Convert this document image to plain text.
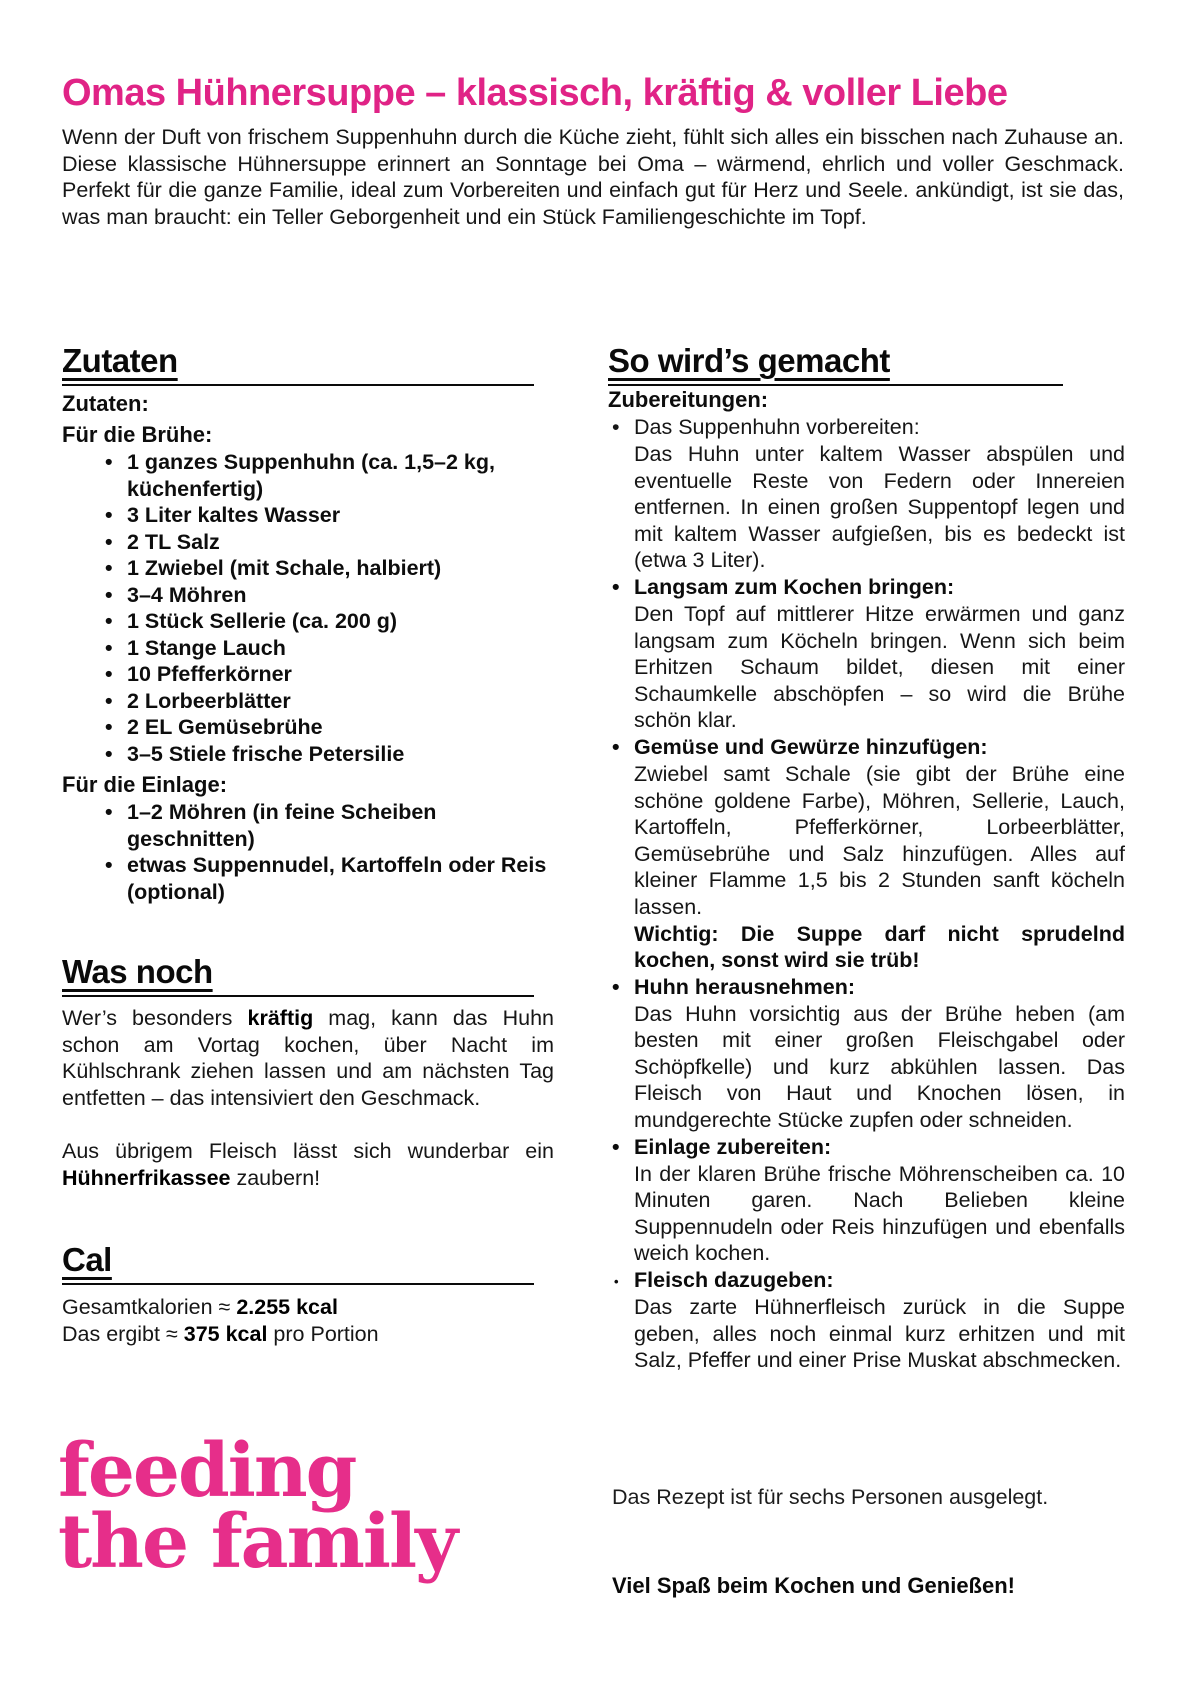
Omas Hühnersuppe – klassisch, kräftig & voller Liebe

Wenn der Duft von frischem Suppenhuhn durch die Küche zieht, fühlt sich alles ein bisschen nach Zuhause an. Diese klassische Hühnersuppe erinnert an Sonntage bei Oma – wärmend, ehrlich und voller Geschmack. Perfekt für die ganze Familie, ideal zum Vorbereiten und einfach gut für Herz und Seele. ankündigt, ist sie das, was man braucht: ein Teller Geborgenheit und ein Stück Familiengeschichte im Topf.

Zutaten

Zutaten:

Für die Brühe:

• 1 ganzes Suppenhuhn (ca. 1,5–2 kg, küchenfertig)
• 3 Liter kaltes Wasser
• 2 TL Salz
• 1 Zwiebel (mit Schale, halbiert)
• 3–4 Möhren
• 1 Stück Sellerie (ca. 200 g)
• 1 Stange Lauch
• 10 Pfefferkörner
• 2 Lorbeerblätter
• 2 EL Gemüsebrühe
• 3–5 Stiele frische Petersilie

Für die Einlage:

• 1–2 Möhren (in feine Scheiben geschnitten)
• etwas Suppennudel, Kartoffeln oder Reis (optional)
Was noch

Wer’s besonders kräftig mag, kann das Huhn schon am Vortag kochen, über Nacht im Kühlschrank ziehen lassen und am nächsten Tag entfetten – das intensiviert den Geschmack.

Aus übrigem Fleisch lässt sich wunderbar ein Hühnerfrikassee zaubern!

Cal

Gesamtkalorien ≈ 2.255 kcal

Das ergibt ≈ 375 kcal pro Portion

feeding
the family
So wird’s gemacht

Zubereitungen:

• Das Suppenhuhn vorbereiten:

Das Huhn unter kaltem Wasser abspülen und eventuelle Reste von Federn oder Innereien entfernen. In einen großen Suppentopf legen und mit kaltem Wasser aufgießen, bis es bedeckt ist (etwa 3 Liter).

• Langsam zum Kochen bringen:

Den Topf auf mittlerer Hitze erwärmen und ganz langsam zum Köcheln bringen. Wenn sich beim Erhitzen Schaum bildet, diesen mit einer Schaumkelle abschöpfen – so wird die Brühe schön klar.

• Gemüse und Gewürze hinzufügen:

Zwiebel samt Schale (sie gibt der Brühe eine schöne goldene Farbe), Möhren, Sellerie, Lauch, Kartoffeln, Pfefferkörner, Lorbeerblätter, Gemüsebrühe und Salz hinzufügen. Alles auf kleiner Flamme 1,5 bis 2 Stunden sanft köcheln lassen.

Wichtig: Die Suppe darf nicht sprudelnd kochen, sonst wird sie trüb!

• Huhn herausnehmen:

Das Huhn vorsichtig aus der Brühe heben (am besten mit einer großen Fleischgabel oder Schöpfkelle) und kurz abkühlen lassen. Das Fleisch von Haut und Knochen lösen, in mundgerechte Stücke zupfen oder schneiden.

• Einlage zubereiten:

In der klaren Brühe frische Möhrenscheiben ca. 10 Minuten garen. Nach Belieben kleine Suppennudeln oder Reis hinzufügen und ebenfalls weich kochen.

• Fleisch dazugeben:

Das zarte Hühnerfleisch zurück in die Suppe geben, alles noch einmal kurz erhitzen und mit Salz, Pfeffer und einer Prise Muskat abschmecken.

Das Rezept ist für sechs Personen ausgelegt.

Viel Spaß beim Kochen und Genießen!
